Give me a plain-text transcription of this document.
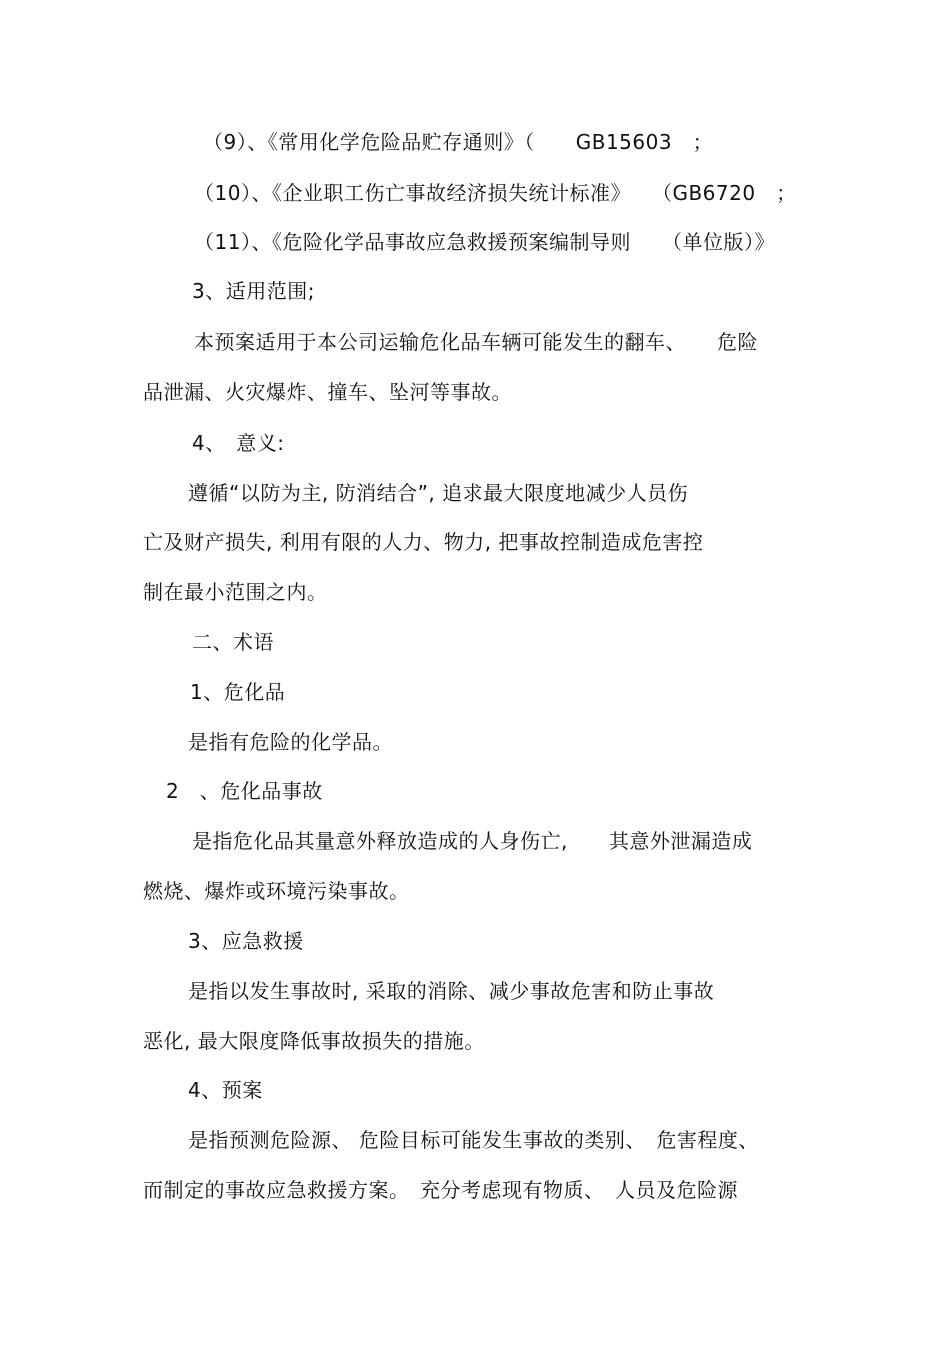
（9）、《常用化学危险品贮存通则》（　　GB15603　；
（10）、《企业职工伤亡事故经济损失统计标准》　　（GB6720　；
（11）、《危险化学品事故应急救援预案编制导则　　（单位版）》
3、适用范围;
本预案适用于本公司运输危化品车辆可能发生的翻车、　　危险
品泄漏、火灾爆炸、撞车、坠河等事故。
4、　意义:
遵循“以防为主, 防消结合”, 追求最大限度地减少人员伤
亡及财产损失, 利用有限的人力、物力, 把事故控制造成危害控
制在最小范围之内。
二、术语
1、危化品
是指有危险的化学品。
2　、危化品事故
是指危化品其量意外释放造成的人身伤亡,　　其意外泄漏造成
燃烧、爆炸或环境污染事故。
3、应急救援
是指以发生事故时, 采取的消除、减少事故危害和防止事故
恶化, 最大限度降低事故损失的措施。
4、预案
是指预测危险源、 危险目标可能发生事故的类别、　危害程度、
而制定的事故应急救援方案。　充分考虑现有物质、　人员及危险源
